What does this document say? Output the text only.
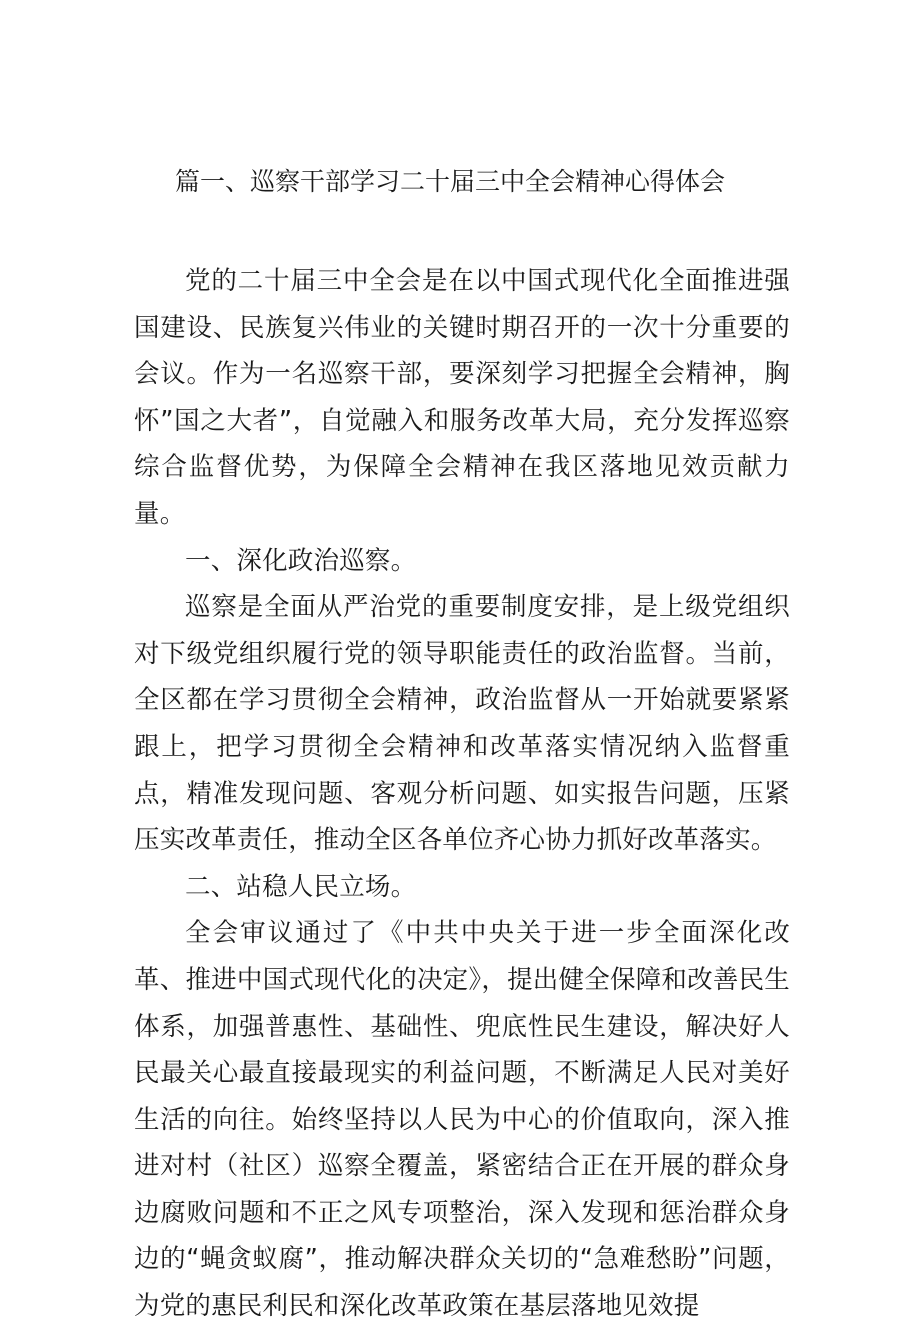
篇一、巡察干部学习二十届三中全会精神心得体会

党的二十届三中全会是在以中国式现代化全面推进强国建设、民族复兴伟业的关键时期召开的一次十分重要的会议。作为一名巡察干部，要深刻学习把握全会精神，胸怀”国之大者”，自觉融入和服务改革大局，充分发挥巡察综合监督优势，为保障全会精神在我区落地见效贡献力量。

一、深化政治巡察。

巡察是全面从严治党的重要制度安排，是上级党组织对下级党组织履行党的领导职能责任的政治监督。当前，全区都在学习贯彻全会精神，政治监督从一开始就要紧紧跟上，把学习贯彻全会精神和改革落实情况纳入监督重点，精准发现问题、客观分析问题、如实报告问题，压紧压实改革责任，推动全区各单位齐心协力抓好改革落实。

二、站稳人民立场。

全会审议通过了《中共中央关于进一步全面深化改革、推进中国式现代化的决定》，提出健全保障和改善民生体系，加强普惠性、基础性、兜底性民生建设，解决好人民最关心最直接最现实的利益问题，不断满足人民对美好生活的向往。始终坚持以人民为中心的价值取向，深入推进对村（社区）巡察全覆盖，紧密结合正在开展的群众身边腐败问题和不正之风专项整治，深入发现和惩治群众身边的“蝇贪蚁腐”，推动解决群众关切的“急难愁盼”问题，为党的惠民利民和深化改革政策在基层落地见效提
